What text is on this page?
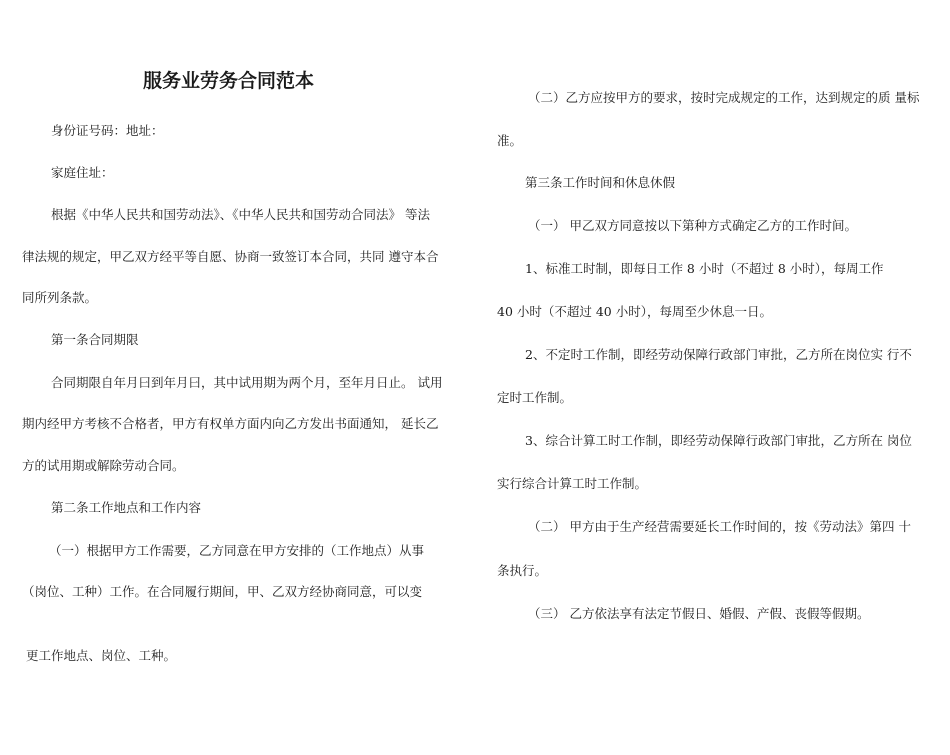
服务业劳务合同范本
身份证号码：地址：
家庭住址：
根据《中华人民共和国劳动法》、《中华人民共和国劳动合同法》 等法
律法规的规定，甲乙双方经平等自愿、协商一致签订本合同，共同 遵守本合
同所列条款。
第一条合同期限
合同期限自年月曰到年月曰，其中试用期为两个月，至年月日止。 试用
期内经甲方考核不合格者，甲方有权单方面内向乙方发出书面通知， 延长乙
方的试用期或解除劳动合同。
第二条工作地点和工作内容
（一）根据甲方工作需要，乙方同意在甲方安排的（工作地点）从事
（岗位、工种）工作。在合同履行期间，甲、乙双方经协商同意，可以变
更工作地点、岗位、工种。
（二）乙方应按甲方的要求，按时完成规定的工作，达到规定的质 量标
准。
第三条工作时间和休息休假
（一） 甲乙双方同意按以下第种方式确定乙方的工作时间。
1、标准工时制，即每日工作 8 小时（不超过 8 小时），每周工作
40 小时（不超过 40 小时），每周至少休息一日。
2、不定时工作制，即经劳动保障行政部门审批，乙方所在岗位实 行不
定时工作制。
3、综合计算工时工作制，即经劳动保障行政部门审批，乙方所在 岗位
实行综合计算工时工作制。
（二） 甲方由于生产经营需要延长工作时间的，按《劳动法》第四 十
条执行。
（三） 乙方依法享有法定节假日、婚假、产假、丧假等假期。
